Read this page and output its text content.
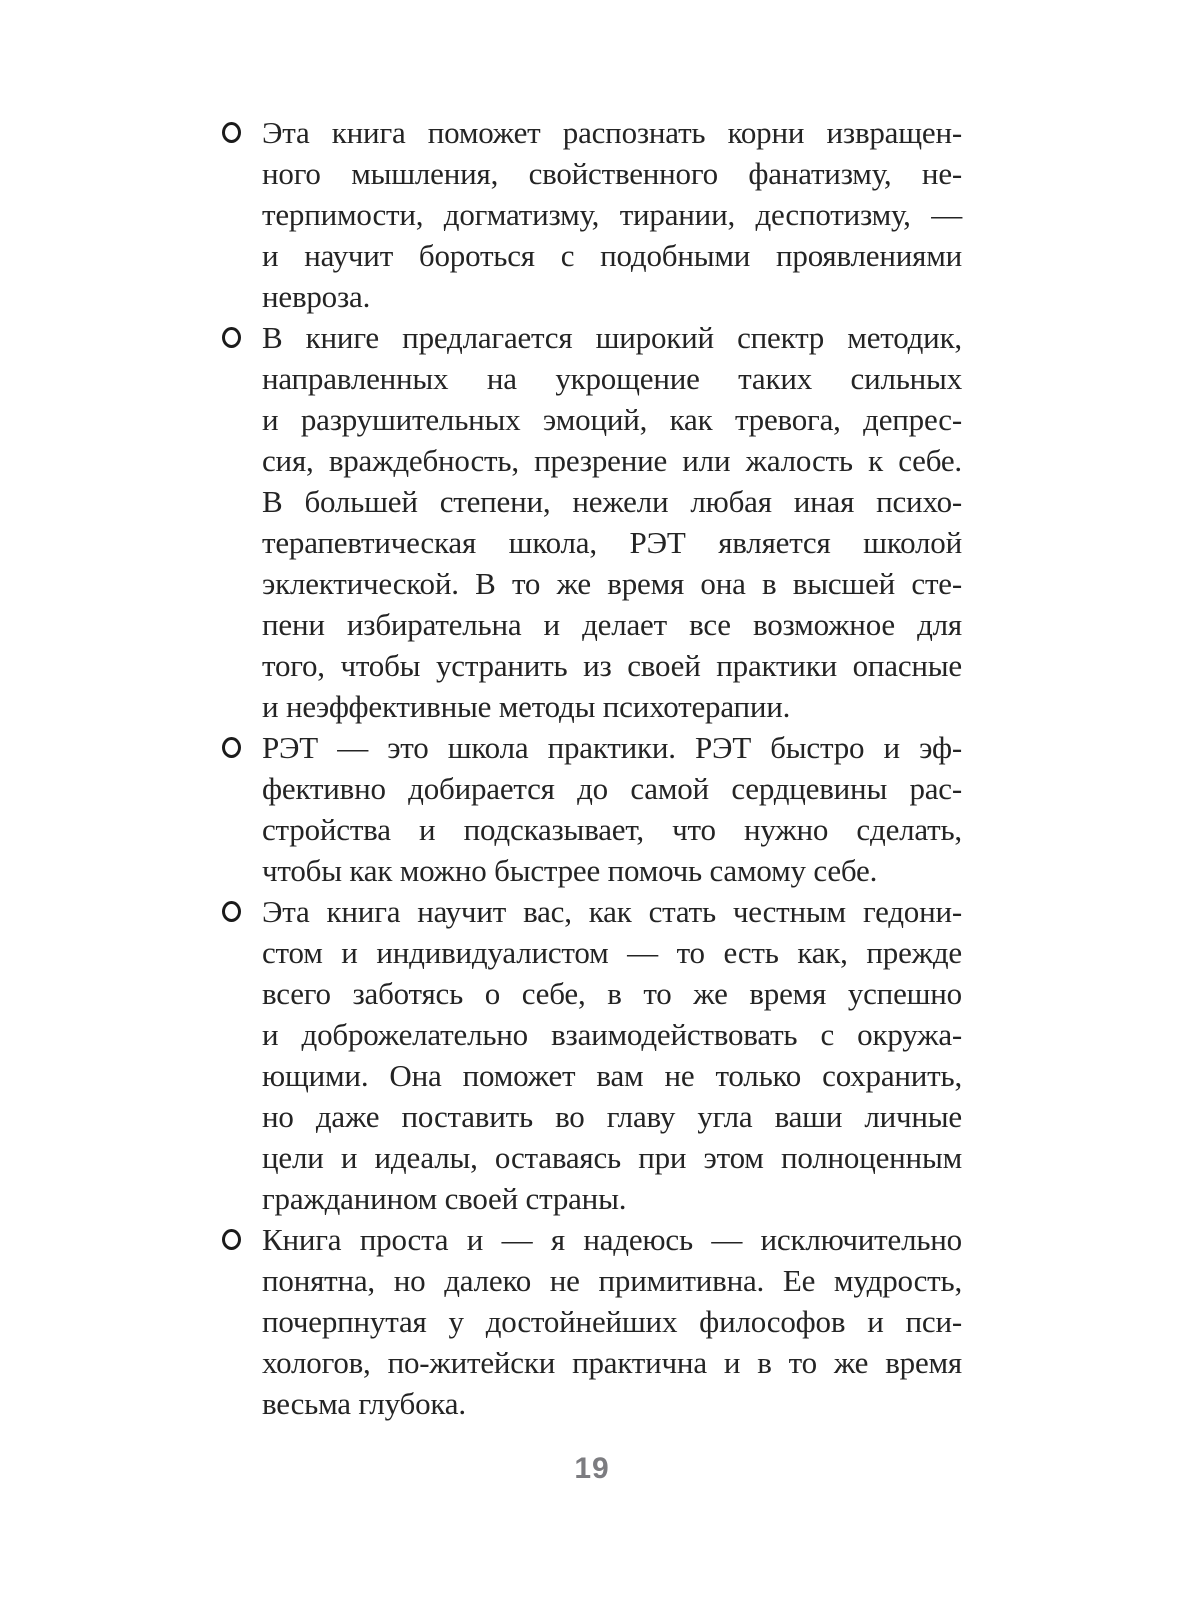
Эта книга поможет распознать корни извращен-
ного мышления, свойственного фанатизму, не-
терпимости, догматизму, тирании, деспотизму, —
и научит бороться с подобными проявлениями
невроза.
В книге предлагается широкий спектр методик,
направленных на укрощение таких сильных
и разрушительных эмоций, как тревога, депрес-
сия, враждебность, презрение или жалость к себе.
В большей степени, нежели любая иная психо-
терапевтическая школа, РЭТ является школой
эклектической. В то же время она в высшей сте-
пени избирательна и делает все возможное для
того, чтобы устранить из своей практики опасные
и неэффективные методы психотерапии.
РЭТ — это школа практики. РЭТ быстро и эф-
фективно добирается до самой сердцевины рас-
стройства и подсказывает, что нужно сделать,
чтобы как можно быстрее помочь самому себе.
Эта книга научит вас, как стать честным гедони-
стом и индивидуалистом — то есть как, прежде
всего заботясь о себе, в то же время успешно
и доброжелательно взаимодействовать с окружа-
ющими. Она поможет вам не только сохранить,
но даже поставить во главу угла ваши личные
цели и идеалы, оставаясь при этом полноценным
гражданином своей страны.
Книга проста и — я надеюсь — исключительно
понятна, но далеко не примитивна. Ее мудрость,
почерпнутая у достойнейших философов и пси-
хологов, по-житейски практична и в то же время
весьма глубока.
19
